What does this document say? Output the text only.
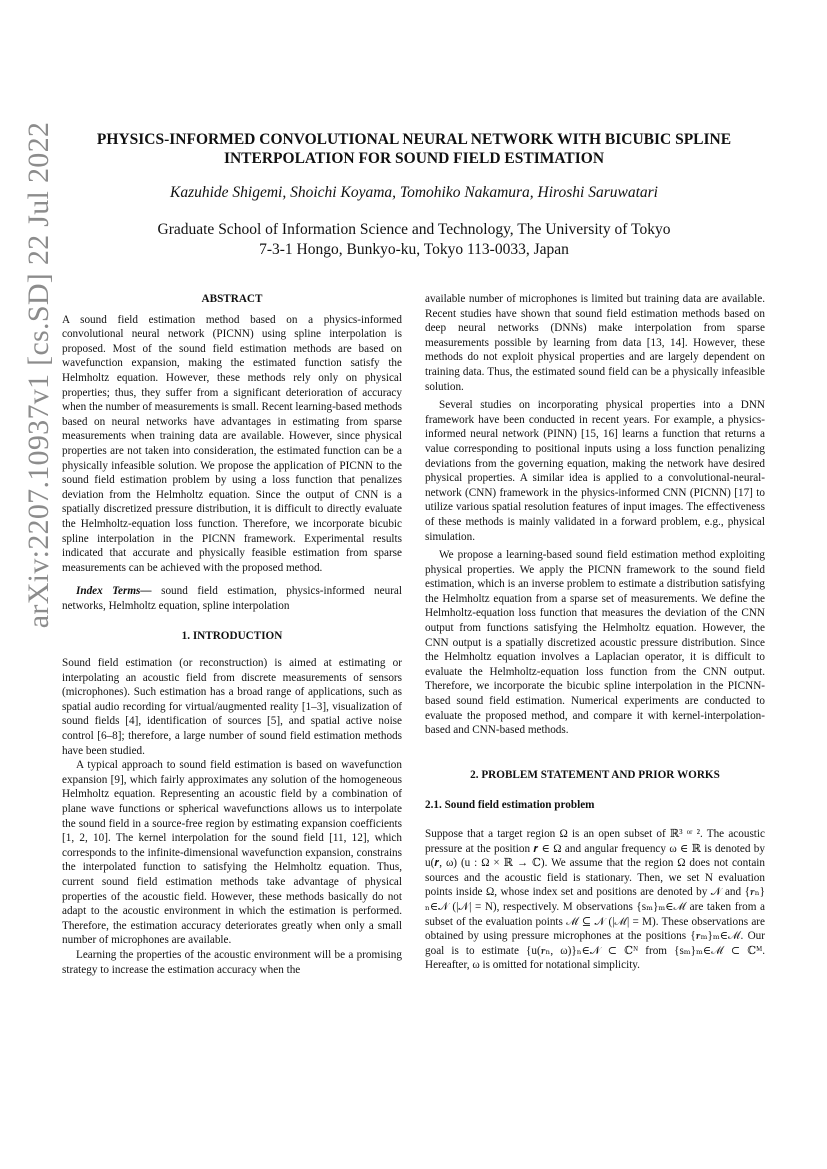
arXiv:2207.10937v1 [cs.SD] 22 Jul 2022	PHYSICS-INFORMED CONVOLUTIONAL NEURAL NETWORK WITH BICUBIC SPLINE
INTERPOLATION FOR SOUND FIELD ESTIMATION
Kazuhide Shigemi, Shoichi Koyama, Tomohiko Nakamura, Hiroshi Saruwatari
Graduate School of Information Science and Technology, The University of Tokyo
7-3-1 Hongo, Bunkyo-ku, Tokyo 113-0033, Japan

ABSTRACT

A sound field estimation method based on a physics-informed convolutional neural network (PICNN) using spline interpolation is proposed. Most of the sound field estimation methods are based on wavefunction expansion, making the estimated function satisfy the Helmholtz equation. However, these methods rely only on physical properties; thus, they suffer from a significant deterioration of accuracy when the number of measurements is small. Recent learning-based methods based on neural networks have advantages in estimating from sparse measurements when training data are available. However, since physical properties are not taken into consideration, the estimated function can be a physically infeasible solution. We propose the application of PICNN to the sound field estimation problem by using a loss function that penalizes deviation from the Helmholtz equation. Since the output of CNN is a spatially discretized pressure distribution, it is difficult to directly evaluate the Helmholtz-equation loss function. Therefore, we incorporate bicubic spline interpolation in the PICNN framework. Experimental results indicated that accurate and physically feasible estimation from sparse measurements can be achieved with the proposed method.

Index Terms— sound field estimation, physics-informed neural networks, Helmholtz equation, spline interpolation

1. INTRODUCTION

Sound field estimation (or reconstruction) is aimed at estimating or interpolating an acoustic field from discrete measurements of sensors (microphones). Such estimation has a broad range of applications, such as spatial audio recording for virtual/augmented reality [1–3], visualization of sound fields [4], identification of sources [5], and spatial active noise control [6–8]; therefore, a large number of sound field estimation methods have been studied.

A typical approach to sound field estimation is based on wavefunction expansion [9], which fairly approximates any solution of the homogeneous Helmholtz equation. Representing an acoustic field by a combination of plane wave functions or spherical wavefunctions allows us to interpolate the sound field in a source-free region by estimating expansion coefficients [1, 2, 10]. The kernel interpolation for the sound field [11, 12], which corresponds to the infinite-dimensional wavefunction expansion, constrains the interpolated function to satisfying the Helmholtz equation. Thus, current sound field estimation methods take advantage of physical properties of the acoustic field. However, these methods basically do not adapt to the acoustic environment in which the estimation is performed. Therefore, the estimation accuracy deteriorates greatly when only a small number of microphones are available.

Learning the properties of the acoustic environment will be a promising strategy to increase the estimation accuracy when the

available number of microphones is limited but training data are available. Recent studies have shown that sound field estimation methods based on deep neural networks (DNNs) make interpolation from sparse measurements possible by learning from data [13, 14]. However, these methods do not exploit physical properties and are largely dependent on training data. Thus, the estimated sound field can be a physically infeasible solution.

Several studies on incorporating physical properties into a DNN framework have been conducted in recent years. For example, a physics-informed neural network (PINN) [15, 16] learns a function that returns a value corresponding to positional inputs using a loss function penalizing deviations from the governing equation, making the network have desired physical properties. A similar idea is applied to a convolutional-neural-network (CNN) framework in the physics-informed CNN (PICNN) [17] to utilize various spatial resolution features of input images. The effectiveness of these methods is mainly validated in a forward problem, e.g., physical simulation.

We propose a learning-based sound field estimation method exploiting physical properties. We apply the PICNN framework to the sound field estimation, which is an inverse problem to estimate a distribution satisfying the Helmholtz equation from a sparse set of measurements. We define the Helmholtz-equation loss function that measures the deviation of the CNN output from functions satisfying the Helmholtz equation. However, the CNN output is a spatially discretized acoustic pressure distribution. Since the Helmholtz equation involves a Laplacian operator, it is difficult to evaluate the Helmholtz-equation loss function from the CNN output. Therefore, we incorporate the bicubic spline interpolation in the PICNN-based sound field estimation. Numerical experiments are conducted to evaluate the proposed method, and compare it with kernel-interpolation-based and CNN-based methods.

2. PROBLEM STATEMENT AND PRIOR WORKS

2.1. Sound field estimation problem

Suppose that a target region Ω is an open subset of ℝ³ ᵒʳ ². The acoustic pressure at the position 𝒓 ∈ Ω and angular frequency ω ∈ ℝ is denoted by u(𝒓, ω) (u : Ω × ℝ → ℂ). We assume that the region Ω does not contain sources and the acoustic field is stationary. Then, we set N evaluation points inside Ω, whose index set and positions are denoted by 𝒩 and {𝒓ₙ}ₙ∈𝒩 (|𝒩| = N), respectively. M observations {sₘ}ₘ∈ℳ are taken from a subset of the evaluation points ℳ ⊆ 𝒩 (|ℳ| = M). These observations are obtained by using pressure microphones at the positions {𝒓ₘ}ₘ∈ℳ. Our goal is to estimate {u(𝒓ₙ, ω)}ₙ∈𝒩 ⊂ ℂᴺ from {sₘ}ₘ∈ℳ ⊂ ℂᴹ. Hereafter, ω is omitted for notational simplicity.
